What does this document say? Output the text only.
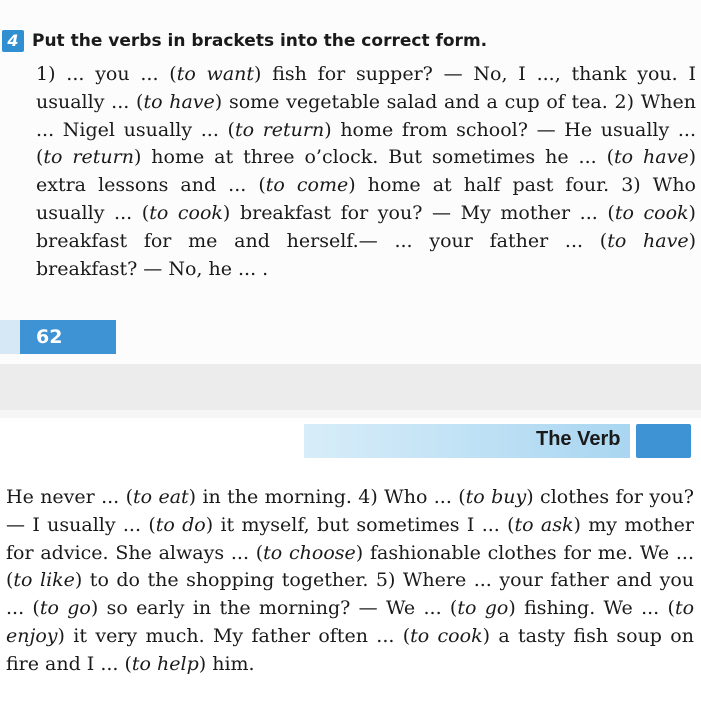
4 Put the verbs in brackets into the correct form.

1) ... you ... (to want) fish for supper? — No, I ..., thank you. I usually ... (to have) some vegetable salad and a cup of tea. 2) When ... Nigel usually ... (to return) home from school? — He usually ... (to return) home at three o’clock. But sometimes he ... (to have) extra lessons and ... (to come) home at half past four. 3) Who usually ... (to cook) breakfast for you? — My mother ... (to cook) breakfast for me and herself.— ... your father ... (to have) breakfast? — No, he ... .

62
The Verb

He never ... (to eat) in the morning. 4) Who ... (to buy) clothes for you? — I usually ... (to do) it myself, but sometimes I ... (to ask) my mother for advice. She always ... (to choose) fashionable clothes for me. We ... (to like) to do the shopping together. 5) Where ... your father and you ... (to go) so early in the morning? — We ... (to go) fishing. We ... (to enjoy) it very much. My father often ... (to cook) a tasty fish soup on fire and I ... (to help) him.
